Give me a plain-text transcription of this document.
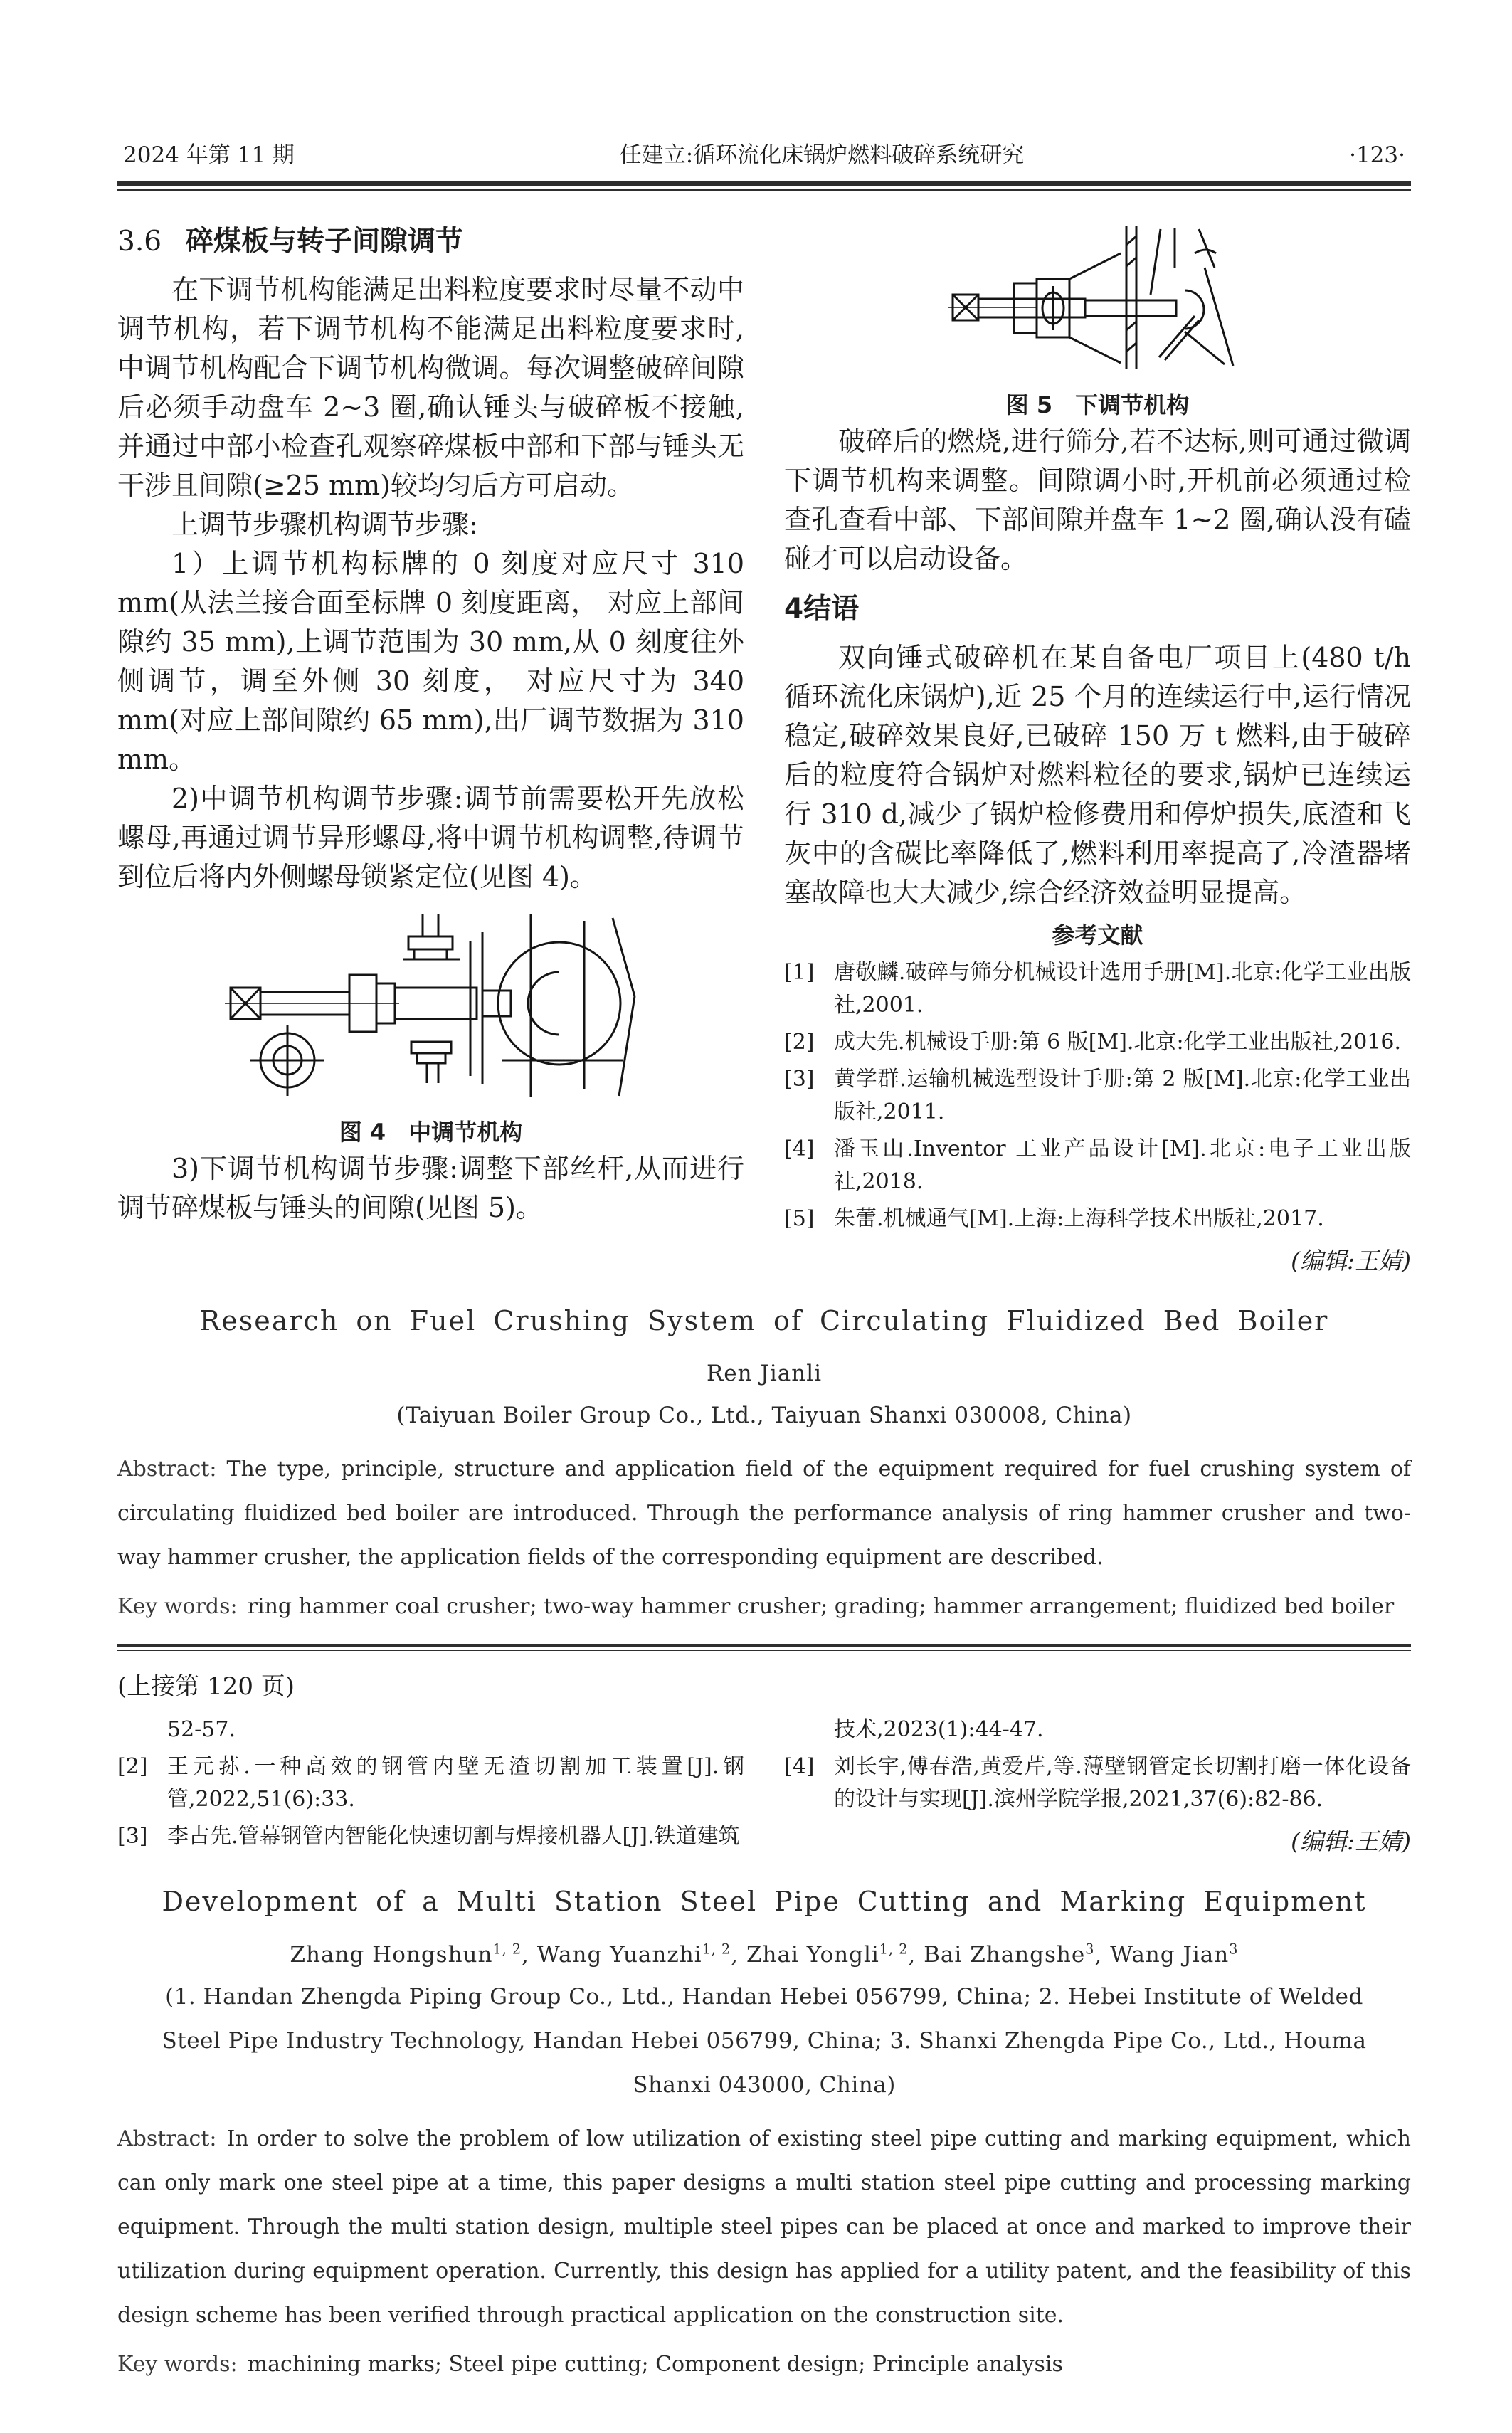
2024 年第 11 期	任建立:循环流化床锅炉燃料破碎系统研究	·123·
3.6 碎煤板与转子间隙调节

在下调节机构能满足出料粒度要求时尽量不动中调节机构，若下调节机构不能满足出料粒度要求时,中调节机构配合下调节机构微调。每次调整破碎间隙后必须手动盘车 2~3 圈,确认锤头与破碎板不接触,并通过中部小检查孔观察碎煤板中部和下部与锤头无干涉且间隙(≥25 mm)较均匀后方可启动。

上调节步骤机构调节步骤:

1）上调节机构标牌的 0 刻度对应尺寸 310 mm(从法兰接合面至标牌 0 刻度距离， 对应上部间隙约 35 mm),上调节范围为 30 mm,从 0 刻度往外侧调节，调至外侧 30 刻度， 对应尺寸为 340 mm(对应上部间隙约 65 mm),出厂调节数据为 310 mm。

2)中调节机构调节步骤:调节前需要松开先放松螺母,再通过调节异形螺母,将中调节机构调整,待调节到位后将内外侧螺母锁紧定位(见图 4)。

图 4　中调节机构

3)下调节机构调节步骤:调整下部丝杆,从而进行调节碎煤板与锤头的间隙(见图 5)。

图 5　下调节机构

破碎后的燃烧,进行筛分,若不达标,则可通过微调下调节机构来调整。间隙调小时,开机前必须通过检查孔查看中部、下部间隙并盘车 1~2 圈,确认没有磕碰才可以启动设备。

4结语

双向锤式破碎机在某自备电厂项目上(480 t/h 循环流化床锅炉),近 25 个月的连续运行中,运行情况稳定,破碎效果良好,已破碎 150 万 t 燃料,由于破碎后的粒度符合锅炉对燃料粒径的要求,锅炉已连续运行 310 d,减少了锅炉检修费用和停炉损失,底渣和飞灰中的含碳比率降低了,燃料利用率提高了,冷渣器堵塞故障也大大减少,综合经济效益明显提高。

参考文献
[1] 唐敬麟.破碎与筛分机械设计选用手册[M].北京:化学工业出版社,2001.
[2] 成大先.机械设手册:第 6 版[M].北京:化学工业出版社,2016.
[3] 黄学群.运输机械选型设计手册:第 2 版[M].北京:化学工业出版社,2011.
[4] 潘玉山.Inventor 工业产品设计[M].北京:电子工业出版社,2018.
[5] 朱蕾.机械通气[M].上海:上海科学技术出版社,2017.
(编辑:王婧)
Research on Fuel Crushing System of Circulating Fluidized Bed Boiler
Ren Jianli
(Taiyuan Boiler Group Co., Ltd., Taiyuan Shanxi 030008, China)

Abstract: The type, principle, structure and application field of the equipment required for fuel crushing system of circulating fluidized bed boiler are introduced. Through the performance analysis of ring hammer crusher and two-way hammer crusher, the application fields of the corresponding equipment are described.

Key words: ring hammer coal crusher; two-way hammer crusher; grading; hammer arrangement; fluidized bed boiler

(上接第 120 页)
52-57.
[2] 王元荪.一种高效的钢管内壁无渣切割加工装置[J].钢管,2022,51(6):33.
[3] 李占先.管幕钢管内智能化快速切割与焊接机器人[J].铁道建筑
技术,2023(1):44-47.
[4] 刘长宇,傅春浩,黄爱芹,等.薄壁钢管定长切割打磨一体化设备的设计与实现[J].滨州学院学报,2021,37(6):82-86.
(编辑:王婧)
Development of a Multi Station Steel Pipe Cutting and Marking Equipment
Zhang Hongshun$^{1, 2}$, Wang Yuanzhi$^{1, 2}$, Zhai Yongli$^{1, 2}$, Bai Zhangshe$^3$, Wang Jian$^3$
(1. Handan Zhengda Piping Group Co., Ltd., Handan Hebei 056799, China; 2. Hebei Institute of Welded
Steel Pipe Industry Technology, Handan Hebei 056799, China; 3. Shanxi Zhengda Pipe Co., Ltd., Houma
Shanxi 043000, China)

Abstract: In order to solve the problem of low utilization of existing steel pipe cutting and marking equipment, which can only mark one steel pipe at a time, this paper designs a multi station steel pipe cutting and processing marking equipment. Through the multi station design, multiple steel pipes can be placed at once and marked to improve their utilization during equipment operation. Currently, this design has applied for a utility patent, and the feasibility of this design scheme has been verified through practical application on the construction site.

Key words: machining marks; Steel pipe cutting; Component design; Principle analysis
